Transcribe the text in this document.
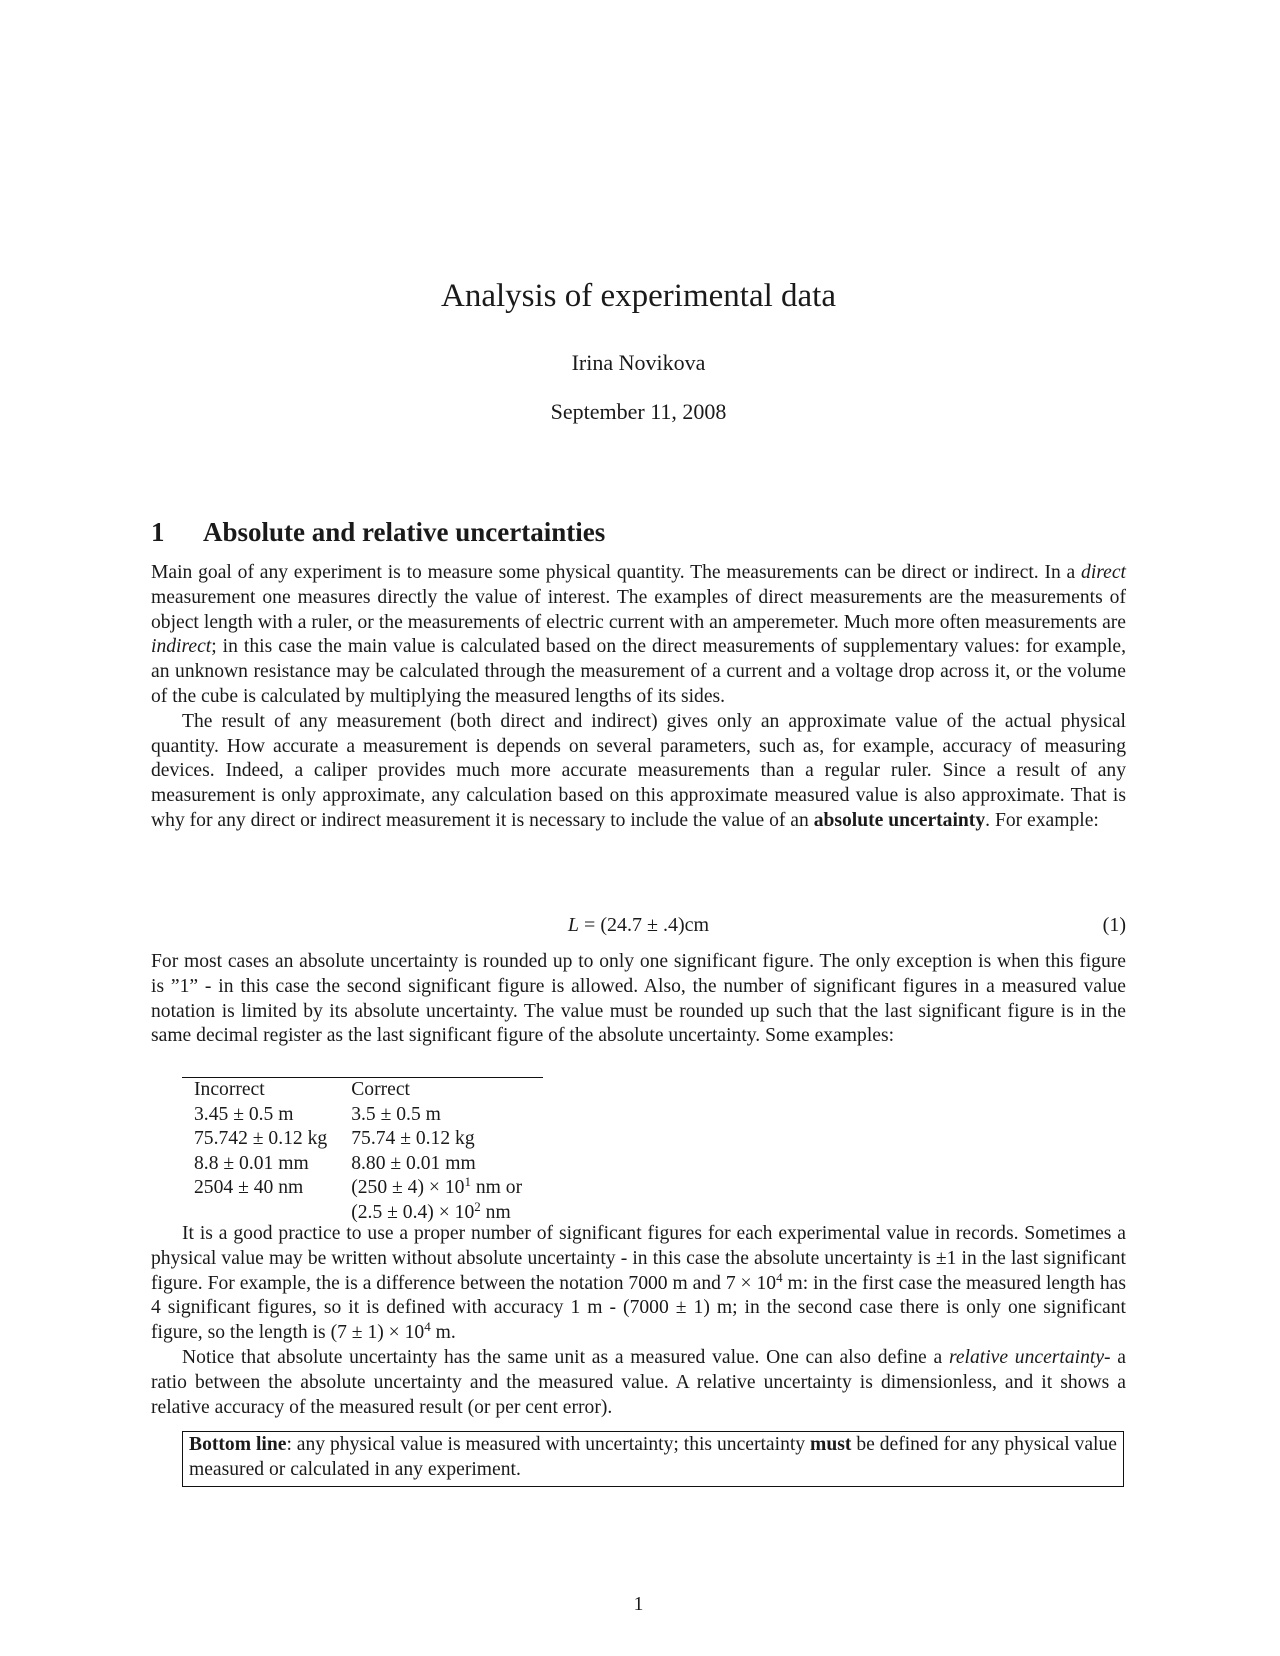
Analysis of experimental data
Irina Novikova
September 11, 2008
1 Absolute and relative uncertainties

Main goal of any experiment is to measure some physical quantity. The measurements can be direct or indirect. In a direct measurement one measures directly the value of interest. The examples of direct measurements are the measurements of object length with a ruler, or the measurements of electric current with an amperemeter. Much more often measurements are indirect; in this case the main value is calculated based on the direct measurements of supplementary values: for example, an unknown resistance may be calculated through the measurement of a current and a voltage drop across it, or the volume of the cube is calculated by multiplying the measured lengths of its sides.

The result of any measurement (both direct and indirect) gives only an approximate value of the actual physical quantity. How accurate a measurement is depends on several parameters, such as, for example, accuracy of measuring devices. Indeed, a caliper provides much more accurate measurements than a regular ruler. Since a result of any measurement is only approximate, any calculation based on this approximate measured value is also approximate. That is why for any direct or indirect measurement it is necessary to include the value of an absolute uncertainty. For example:

L = (24.7 ± .4)cm	(1)

For most cases an absolute uncertainty is rounded up to only one significant figure. The only exception is when this figure is ”1” - in this case the second significant figure is allowed. Also, the number of significant figures in a measured value notation is limited by its absolute uncertainty. The value must be rounded up such that the last significant figure is in the same decimal register as the last significant figure of the absolute uncertainty. Some examples:

Incorrect	Correct
3.45 ± 0.5 m	3.5 ± 0.5 m
75.742 ± 0.12 kg	75.74 ± 0.12 kg
8.8 ± 0.01 mm	8.80 ± 0.01 mm
2504 ± 40 nm	$(250 \pm 4) \times 10^1$ nm or
	$(2.5 \pm 0.4) \times 10^2$ nm

It is a good practice to use a proper number of significant figures for each experimental value in records. Sometimes a physical value may be written without absolute uncertainty - in this case the absolute uncertainty is ±1 in the last significant figure. For example, the is a difference between the notation 7000 m and $7 \times 10^4$ m: in the first case the measured length has 4 significant figures, so it is defined with accuracy 1 m - (7000 ± 1) m; in the second case there is only one significant figure, so the length is $(7 \pm 1) \times 10^4$ m.

Notice that absolute uncertainty has the same unit as a measured value. One can also define a relative uncertainty- a ratio between the absolute uncertainty and the measured value. A relative uncertainty is dimensionless, and it shows a relative accuracy of the measured result (or per cent error).

Bottom line: any physical value is measured with uncertainty; this uncertainty must be defined for any physical value measured or calculated in any experiment.
1
